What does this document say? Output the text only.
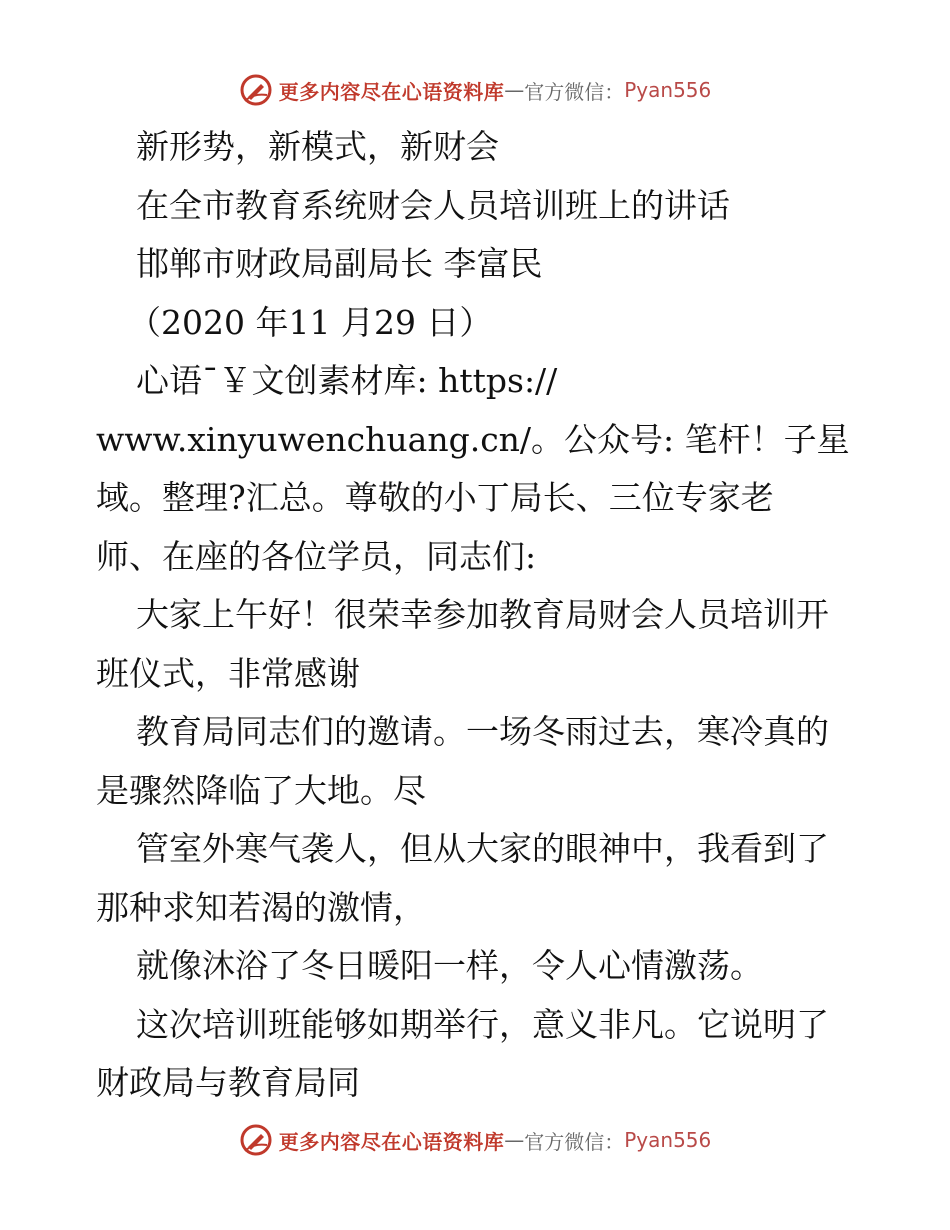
更多内容尽在心语资料库 — 官方微信： Pyan556

新形势，新模式，新财会

在全市教育系统财会人员培训班上的讲话

邯郸市财政局副局长 李富民

（2020 年11 月29 日）

心语¯￥文创素材库: https://

www.xinyuwenchuang.cn/。公众号: 笔杆！子星

域。整理?汇总。尊敬的小丁局长、三位专家老

师、在座的各位学员，同志们:

大家上午好！很荣幸参加教育局财会人员培训开

班仪式，非常感谢

教育局同志们的邀请。一场冬雨过去，寒冷真的

是骤然降临了大地。尽

管室外寒气袭人，但从大家的眼神中，我看到了

那种求知若渴的激情，

就像沐浴了冬日暖阳一样，令人心情激荡。

这次培训班能够如期举行，意义非凡。它说明了

财政局与教育局同

更多内容尽在心语资料库 — 官方微信： Pyan556
